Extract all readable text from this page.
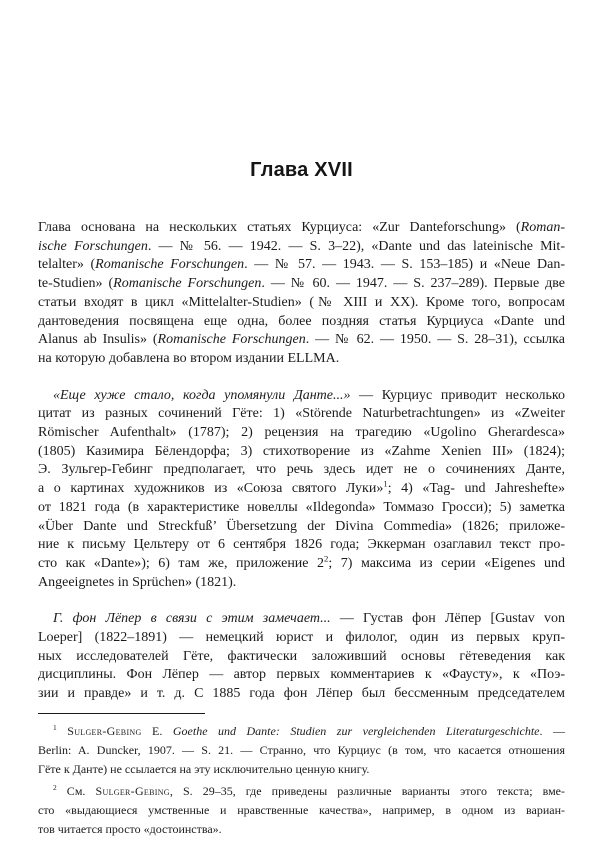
Глава XVII
Глава основана на нескольких статьях Курциуса: «Zur Danteforschung» (Roman-
ische Forschungen. — № 56. — 1942. — S. 3–22), «Dante und das lateinische Mit-
telalter» (Romanische Forschungen. — № 57. — 1943. — S. 153–185) и «Neue Dan-
te-Studien» (Romanische Forschungen. — № 60. — 1947. — S. 237–289). Первые две
статьи входят в цикл «Mittelalter-Studien» (№ XIII и XX). Кроме того, вопросам
дантоведения посвящена еще одна, более поздняя статья Курциуса «Dante und
Alanus ab Insulis» (Romanische Forschungen. — № 62. — 1950. — S. 28–31), ссылка
на которую добавлена во втором издании ELLMA.
«Еще хуже стало, когда упомянули Данте...» — Курциус приводит несколько
цитат из разных сочинений Гёте: 1) «Störende Naturbetrachtungen» из «Zweiter
Römischer Aufenthalt» (1787); 2) рецензия на трагедию «Ugolino Gherardesca»
(1805) Казимира Бёлендорфа; 3) стихотворение из «Zahme Xenien III» (1824);
Э. Зульгер-Гебинг предполагает, что речь здесь идет не о сочинениях Данте,
а о картинах художников из «Союза святого Луки»$^1$; 4) «Tag- und Jahreshefte»
от 1821 года (в характеристике новеллы «Ildegonda» Томмазо Гросси); 5) заметка
«Über Dante und Streckfuß’ Übersetzung der Divina Commedia» (1826; приложе-
ние к письму Цельтеру от 6 сентября 1826 года; Эккерман озаглавил текст про-
сто как «Dante»); 6) там же, приложение $2^2$; 7) максима из серии «Eigenes und
Angeeignetes in Sprüchen» (1821).
Г. фон Лёпер в связи с этим замечает... — Густав фон Лёпер [Gustav von
Loeper] (1822–1891) — немецкий юрист и филолог, один из первых круп-
ных исследователей Гёте, фактически заложивший основы гётеведения как
дисциплины. Фон Лёпер — автор первых комментариев к «Фаусту», к «Поэ-
зии и правде» и т. д. С 1885 года фон Лёпер был бессменным председателем
$^1$ Sulger-Gebing E. Goethe und Dante: Studien zur vergleichenden Literaturgeschichte. —
Berlin: A. Duncker, 1907. — S. 21. — Странно, что Курциус (в том, что касается отношения
Гёте к Данте) не ссылается на эту исключительно ценную книгу.
$^2$ См. Sulger-Gebing, S. 29–35, где приведены различные варианты этого текста; вме-
сто «выдающиеся умственные и нравственные качества», например, в одном из вариан-
тов читается просто «достоинства».
